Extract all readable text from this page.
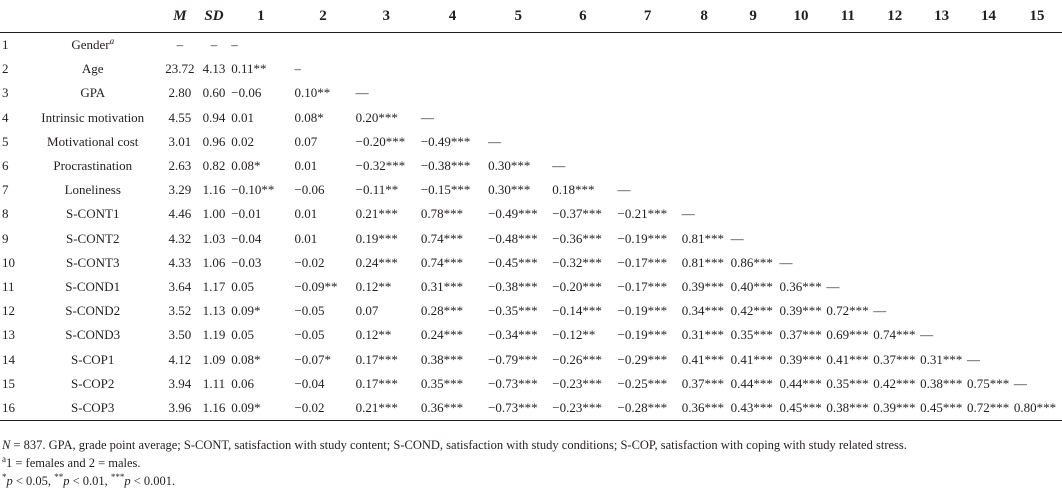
		M	SD	1	2	3	4	5	6	7	8	9	10	11	12	13	14	15
1	Gender$^a$	–	–	–														
2	Age	23.72	4.13	0.11**	–													
3	GPA	2.80	0.60	−0.06	0.10**	—												
4	Intrinsic motivation	4.55	0.94	0.01	0.08*	0.20***	—											
5	Motivational cost	3.01	0.96	0.02	0.07	−0.20***	−0.49***	—										
6	Procrastination	2.63	0.82	0.08*	0.01	−0.32***	−0.38***	0.30***	—									
7	Loneliness	3.29	1.16	−0.10**	−0.06	−0.11**	−0.15***	0.30***	0.18***	—								
8	S-CONT1	4.46	1.00	−0.01	0.01	0.21***	0.78***	−0.49***	−0.37***	−0.21***	—							
9	S-CONT2	4.32	1.03	−0.04	0.01	0.19***	0.74***	−0.48***	−0.36***	−0.19***	0.81***	—						
10	S-CONT3	4.33	1.06	−0.03	−0.02	0.24***	0.74***	−0.45***	−0.32***	−0.17***	0.81***	0.86***	—					
11	S-COND1	3.64	1.17	0.05	−0.09**	0.12**	0.31***	−0.38***	−0.20***	−0.17***	0.39***	0.40***	0.36***	—				
12	S-COND2	3.52	1.13	0.09*	−0.05	0.07	0.28***	−0.35***	−0.14***	−0.19***	0.34***	0.42***	0.39***	0.72***	—			
13	S-COND3	3.50	1.19	0.05	−0.05	0.12**	0.24***	−0.34***	−0.12**	−0.19***	0.31***	0.35***	0.37***	0.69***	0.74***	—		
14	S-COP1	4.12	1.09	0.08*	−0.07*	0.17***	0.38***	−0.79***	−0.26***	−0.29***	0.41***	0.41***	0.39***	0.41***	0.37***	0.31***	—	
15	S-COP2	3.94	1.11	0.06	−0.04	0.17***	0.35***	−0.73***	−0.23***	−0.25***	0.37***	0.44***	0.44***	0.35***	0.42***	0.38***	0.75***	—
16	S-COP3	3.96	1.16	0.09*	−0.02	0.21***	0.36***	−0.73***	−0.23***	−0.28***	0.36***	0.43***	0.45***	0.38***	0.39***	0.45***	0.72***	0.80***
N = 837. GPA, grade point average; S-CONT, satisfaction with study content; S-COND, satisfaction with study conditions; S-COP, satisfaction with coping with study related stress.
$^a$1 = females and 2 = males.
*p < 0.05, **p < 0.01, ***p < 0.001.
